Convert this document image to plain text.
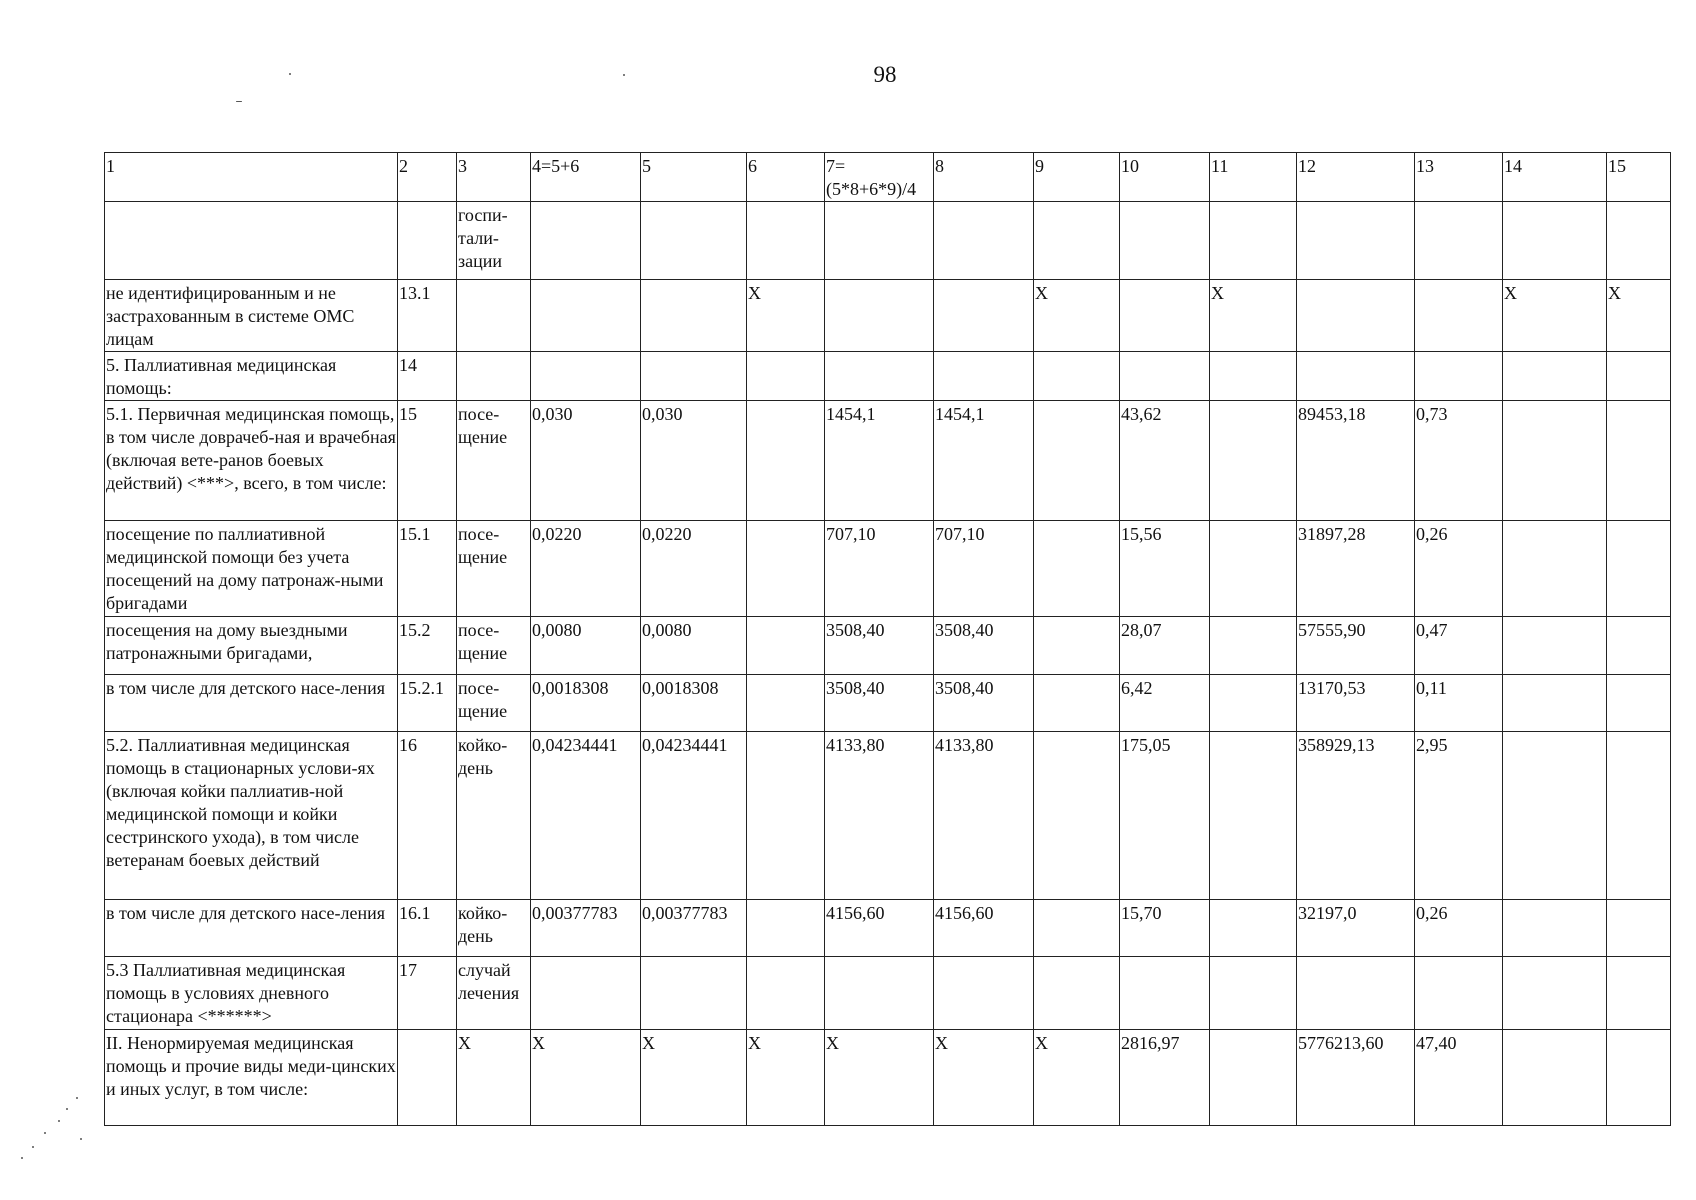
98
1	2	3	4=5+6	5	6	7=
(5*8+6*9)/4	8	9	10	11	12	13	14	15
		госпи-
тали-
зации												
не идентифицированным и не застрахованным в системе ОМС лицам	13.1				X			X		X			X	X
5. Паллиативная медицинская помощь:	14													
5.1. Первичная медицинская помощь, в том числе доврачеб-ная и врачебная (включая вете-ранов боевых действий) <***>, всего, в том числе:	15	посе-
щение	0,030	0,030		1454,1	1454,1		43,62		89453,18	0,73		
посещение по паллиативной медицинской помощи без учета посещений на дому патронаж-ными бригадами	15.1	посе-
щение	0,0220	0,0220		707,10	707,10		15,56		31897,28	0,26		
посещения на дому выездными патронажными бригадами,	15.2	посе-
щение	0,0080	0,0080		3508,40	3508,40		28,07		57555,90	0,47		
в том числе для детского насе-ления	15.2.1	посе-
щение	0,0018308	0,0018308		3508,40	3508,40		6,42		13170,53	0,11		
5.2. Паллиативная медицинская помощь в стационарных услови-ях (включая койки паллиатив-ной медицинской помощи и койки сестринского ухода), в том числе ветеранам боевых действий	16	койко-
день	0,04234441	0,04234441		4133,80	4133,80		175,05		358929,13	2,95		
в том числе для детского насе-ления	16.1	койко-
день	0,00377783	0,00377783		4156,60	4156,60		15,70		32197,0	0,26		
5.3 Паллиативная медицинская помощь в условиях дневного стационара <******>	17	случай
лечения												
II. Ненормируемая медицинская помощь и прочие виды меди-цинских и иных услуг, в том числе:		X	X	X	X	X	X	X	2816,97		5776213,60	47,40		
